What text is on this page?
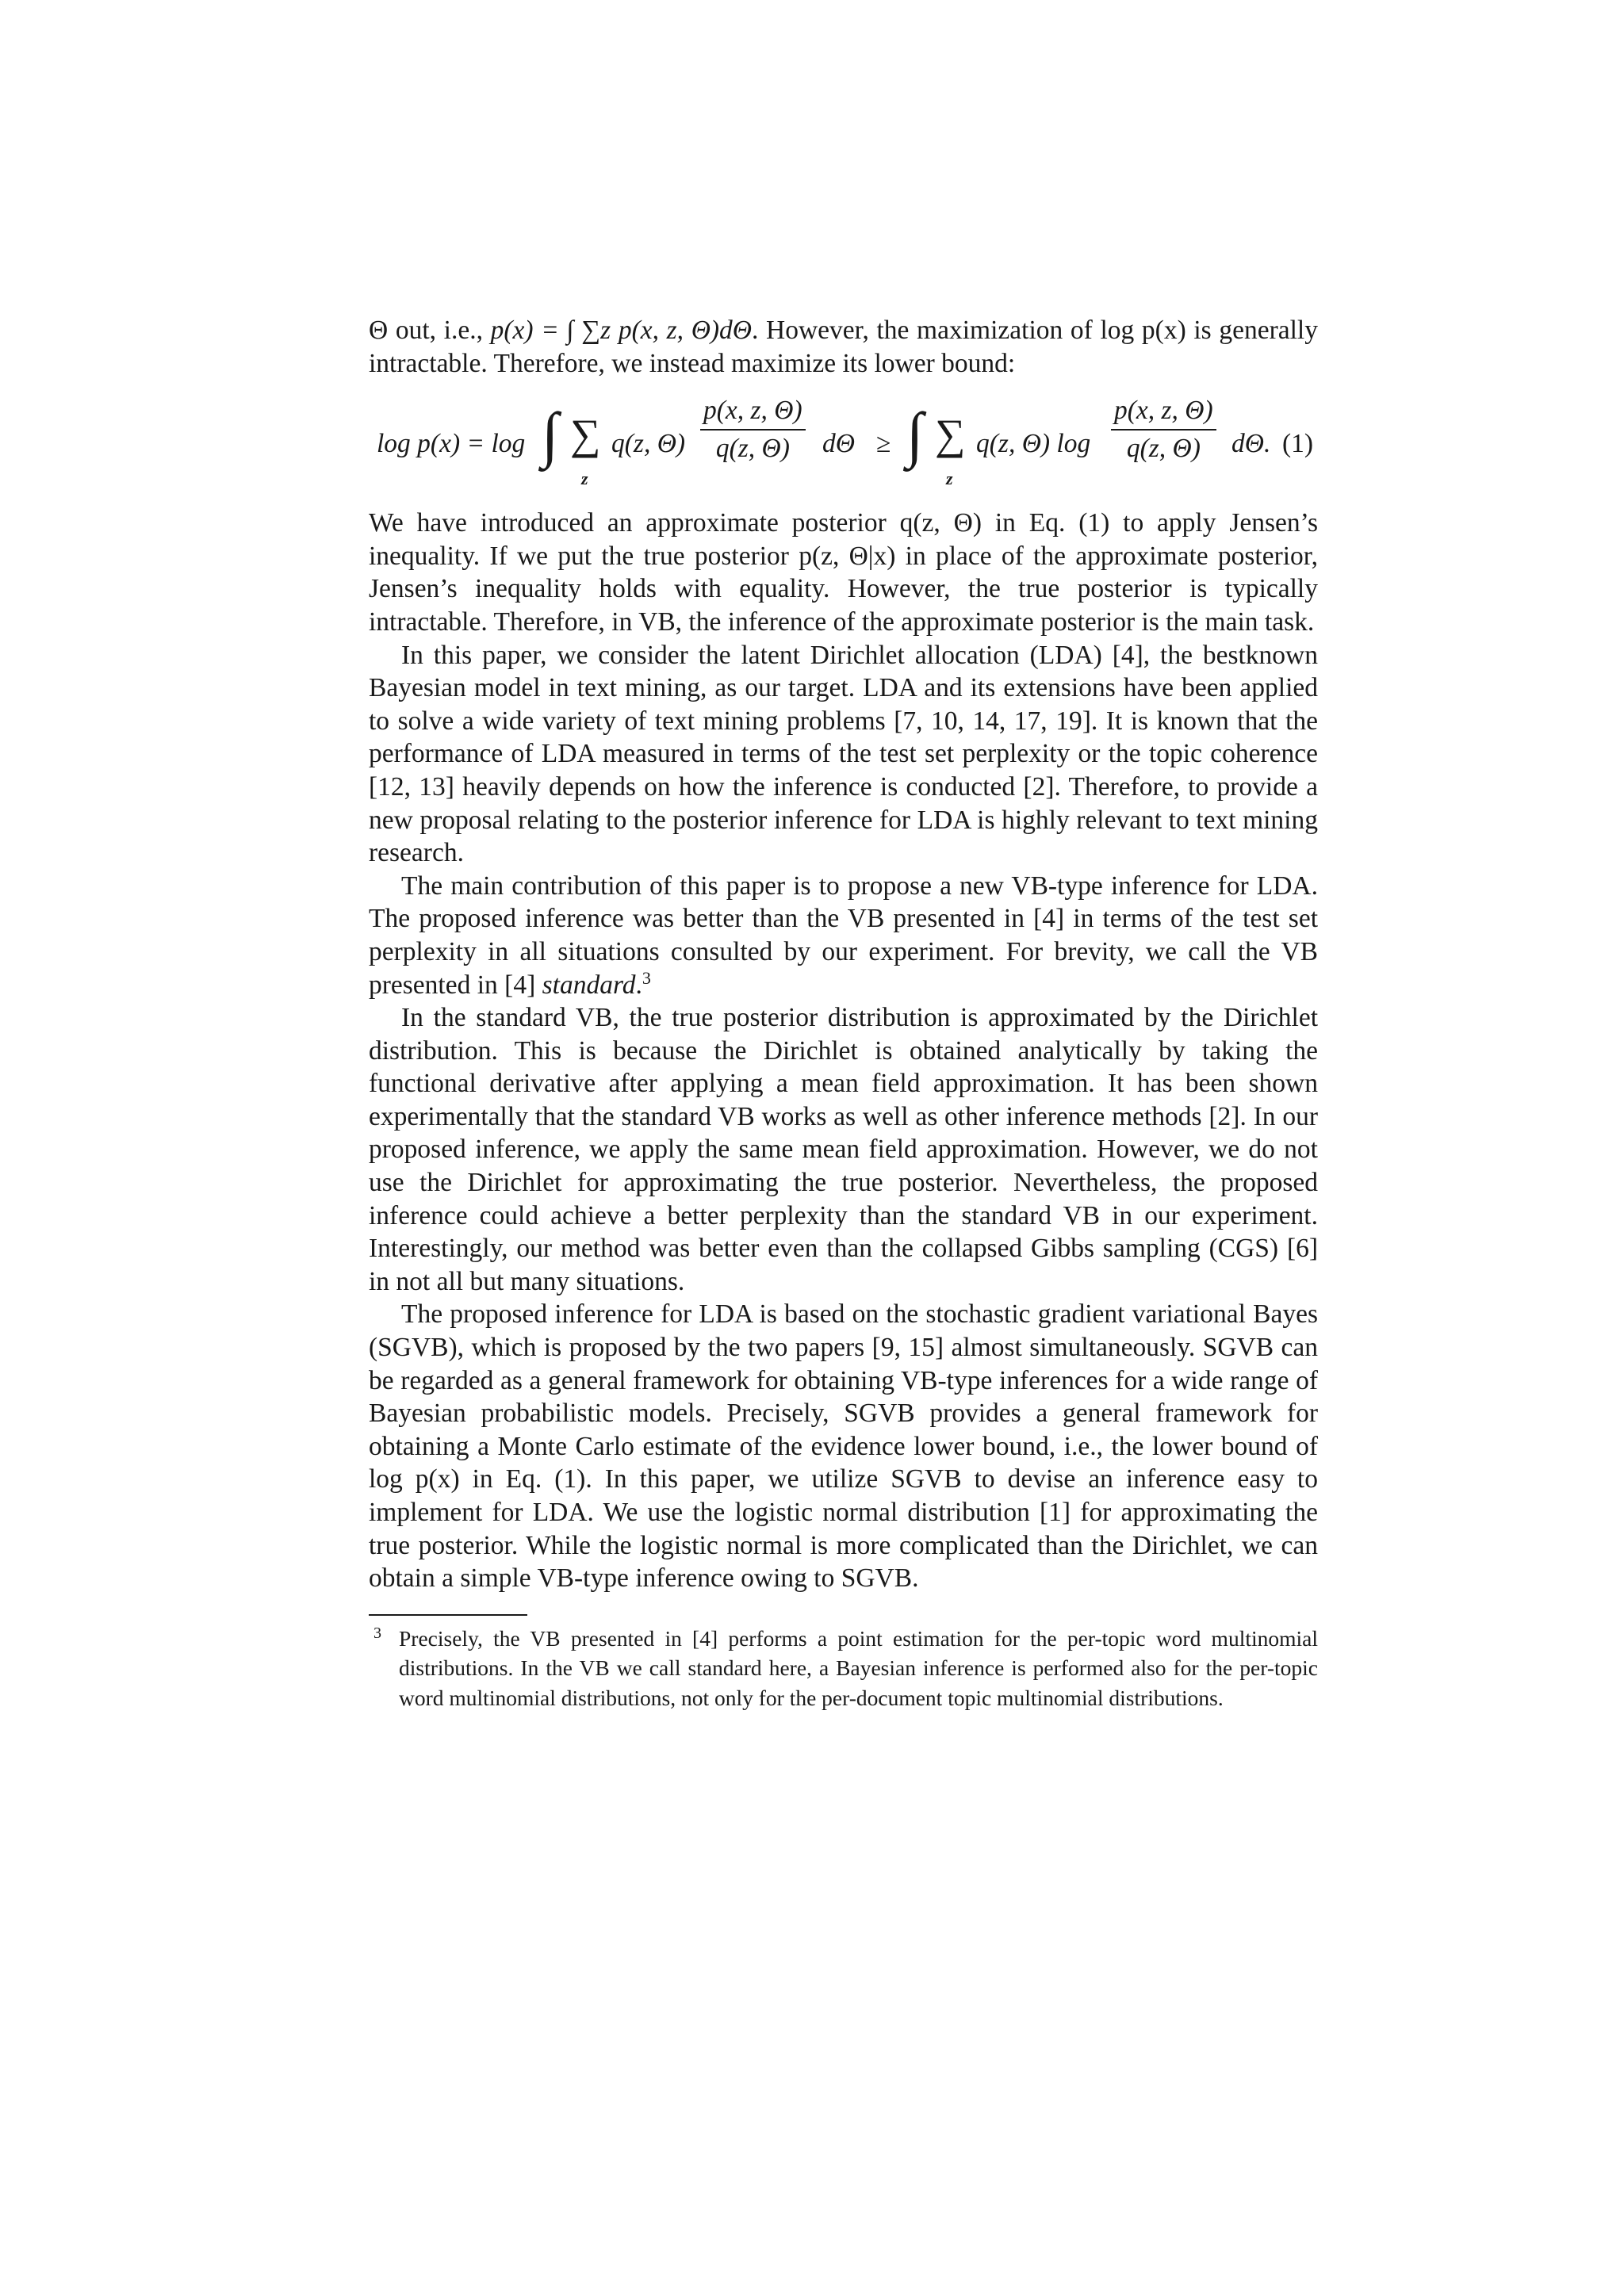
Θ out, i.e., p(x) = ∫ ∑z p(x, z, Θ)dΘ. However, the maximization of log p(x) is generally intractable. Therefore, we instead maximize its lower bound:

log p(x) = log ∫ ∑
z
q(z, $\Theta) \frac{p(x, z, \Theta)}{q(z, \Theta)}$ dΘ ≥ ∫ ∑
z
q(z, Θ) $\log \frac{p(x, z, \Theta)}{q(z, \Theta)} d\Theta$. (1)

We have introduced an approximate posterior q(z, Θ) in Eq. (1) to apply Jensen’s inequality. If we put the true posterior p(z, Θ|x) in place of the approximate posterior, Jensen’s inequality holds with equality. However, the true posterior is typically intractable. Therefore, in VB, the inference of the approximate posterior is the main task.

In this paper, we consider the latent Dirichlet allocation (LDA) [4], the bestknown Bayesian model in text mining, as our target. LDA and its extensions have been applied to solve a wide variety of text mining problems [7, 10, 14, 17, 19]. It is known that the performance of LDA measured in terms of the test set perplexity or the topic coherence [12, 13] heavily depends on how the inference is conducted [2]. Therefore, to provide a new proposal relating to the posterior inference for LDA is highly relevant to text mining research.

The main contribution of this paper is to propose a new VB-type inference for LDA. The proposed inference was better than the VB presented in [4] in terms of the test set perplexity in all situations consulted by our experiment. For brevity, we call the VB presented in [4] standard.$^3$

In the standard VB, the true posterior distribution is approximated by the Dirichlet distribution. This is because the Dirichlet is obtained analytically by taking the functional derivative after applying a mean field approximation. It has been shown experimentally that the standard VB works as well as other inference methods [2]. In our proposed inference, we apply the same mean field approximation. However, we do not use the Dirichlet for approximating the true posterior. Nevertheless, the proposed inference could achieve a better perplexity than the standard VB in our experiment. Interestingly, our method was better even than the collapsed Gibbs sampling (CGS) [6] in not all but many situations.

The proposed inference for LDA is based on the stochastic gradient variational Bayes (SGVB), which is proposed by the two papers [9, 15] almost simultaneously. SGVB can be regarded as a general framework for obtaining VB-type inferences for a wide range of Bayesian probabilistic models. Precisely, SGVB provides a general framework for obtaining a Monte Carlo estimate of the evidence lower bound, i.e., the lower bound of log p(x) in Eq. (1). In this paper, we utilize SGVB to devise an inference easy to implement for LDA. We use the logistic normal distribution [1] for approximating the true posterior. While the logistic normal is more complicated than the Dirichlet, we can obtain a simple VB-type inference owing to SGVB.

3 Precisely, the VB presented in [4] performs a point estimation for the per-topic word multinomial distributions. In the VB we call standard here, a Bayesian inference is performed also for the per-topic word multinomial distributions, not only for the per-document topic multinomial distributions.
